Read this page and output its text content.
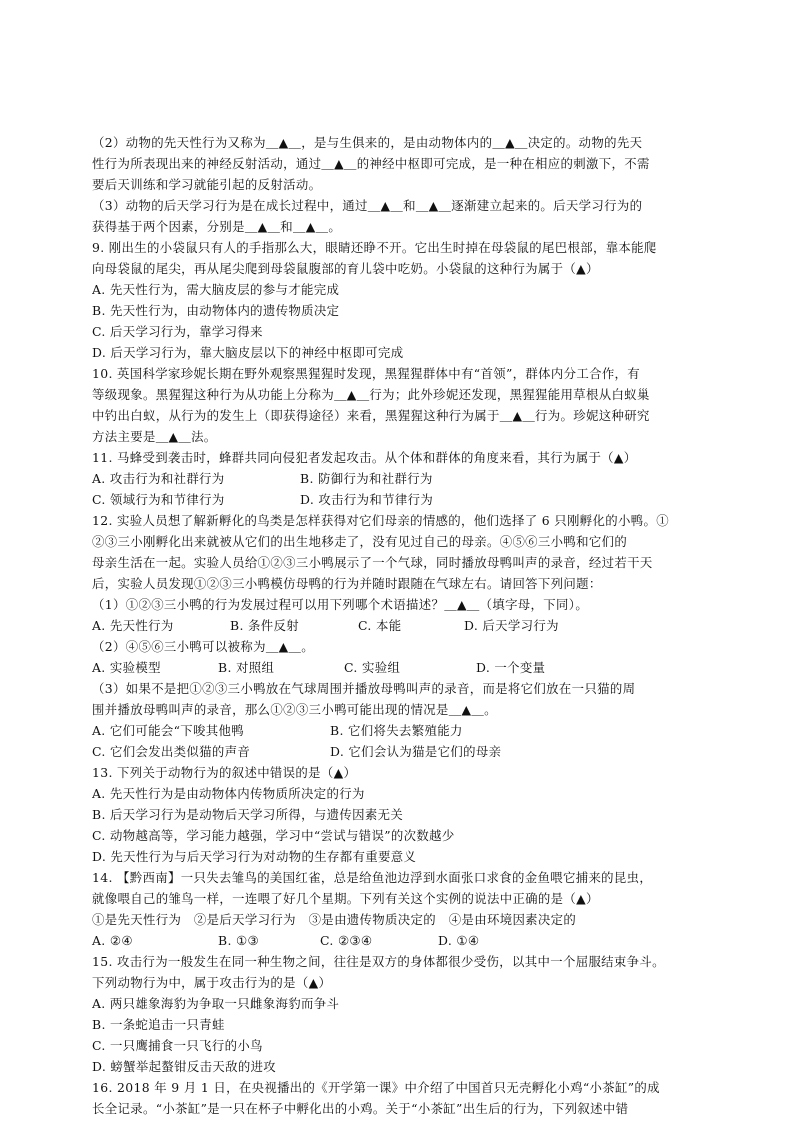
（2）动物的先天性行为又称为＿▲＿，是与生俱来的，是由动物体内的＿▲＿决定的。动物的先天
性行为所表现出来的神经反射活动，通过＿▲＿的神经中枢即可完成，是一种在相应的刺激下，不需
要后天训练和学习就能引起的反射活动。
（3）动物的后天学习行为是在成长过程中，通过＿▲＿和＿▲＿逐渐建立起来的。后天学习行为的
获得基于两个因素，分别是＿▲＿和＿▲＿。
9. 刚出生的小袋鼠只有人的手指那么大，眼睛还睁不开。它出生时掉在母袋鼠的尾巴根部，靠本能爬
向母袋鼠的尾尖，再从尾尖爬到母袋鼠腹部的育儿袋中吃奶。小袋鼠的这种行为属于（▲）
A. 先天性行为，需大脑皮层的参与才能完成
B. 先天性行为，由动物体内的遗传物质决定
C. 后天学习行为，靠学习得来
D. 后天学习行为，靠大脑皮层以下的神经中枢即可完成
10. 英国科学家珍妮长期在野外观察黑猩猩时发现，黑猩猩群体中有“首领”，群体内分工合作，有
等级现象。黑猩猩这种行为从功能上分称为＿▲＿行为；此外珍妮还发现，黑猩猩能用草根从白蚁巢
中钓出白蚁，从行为的发生上（即获得途径）来看，黑猩猩这种行为属于＿▲＿行为。珍妮这种研究
方法主要是＿▲＿法。
11. 马蜂受到袭击时，蜂群共同向侵犯者发起攻击。从个体和群体的角度来看，其行为属于（▲）
A. 攻击行为和社群行为	B. 防御行为和社群行为
C. 领域行为和节律行为	D. 攻击行为和节律行为
12. 实验人员想了解新孵化的鸟类是怎样获得对它们母亲的情感的，他们选择了 6 只刚孵化的小鸭。①
②③三小刚孵化出来就被从它们的出生地移走了，没有见过自己的母亲。④⑤⑥三小鸭和它们的
母亲生活在一起。实验人员给①②③三小鸭展示了一个气球，同时播放母鸭叫声的录音，经过若干天
后，实验人员发现①②③三小鸭模仿母鸭的行为并随时跟随在气球左右。请回答下列问题：
（1）①②③三小鸭的行为发展过程可以用下列哪个术语描述？＿▲＿（填字母，下同）。
A. 先天性行为	B. 条件反射	C. 本能	D. 后天学习行为
（2）④⑤⑥三小鸭可以被称为＿▲＿。
A. 实验模型	B. 对照组	C. 实验组	D. 一个变量
（3）如果不是把①②③三小鸭放在气球周围并播放母鸭叫声的录音，而是将它们放在一只猫的周
围并播放母鸭叫声的录音，那么①②③三小鸭可能出现的情况是＿▲＿。
A. 它们可能会“下唆其他鸭	B. 它们将失去繁殖能力
C. 它们会发出类似猫的声音	D. 它们会认为猫是它们的母亲
13. 下列关于动物行为的叙述中错误的是（▲）
A. 先天性行为是由动物体内传物质所决定的行为
B. 后天学习行为是动物后天学习所得，与遗传因素无关
C. 动物越高等，学习能力越强，学习中“尝试与错误”的次数越少
D. 先天性行为与后天学习行为对动物的生存都有重要意义
14. 【黔西南】一只失去雏鸟的美国红雀，总是给鱼池边浮到水面张口求食的金鱼喂它捕来的昆虫，
就像喂自己的雏鸟一样，一连喂了好几个星期。下列有关这个实例的说法中正确的是（▲）
①是先天性行为　②是后天学习行为　③是由遗传物质决定的　④是由环境因素决定的
A. ②④	B. ①③	C. ②③④	D. ①④
15. 攻击行为一般发生在同一种生物之间，往往是双方的身体都很少受伤，以其中一个屈服结束争斗。
下列动物行为中，属于攻击行为的是（▲）
A. 两只雄象海豹为争取一只雌象海豹而争斗
B. 一条蛇追击一只青蛙
C. 一只鹰捕食一只飞行的小鸟
D. 螃蟹举起螯钳反击天敌的进攻
16. 2018 年 9 月 1 日，在央视播出的《开学第一课》中介绍了中国首只无壳孵化小鸡“小茶缸”的成
长全记录。“小茶缸”是一只在杯子中孵化出的小鸡。关于“小茶缸”出生后的行为，下列叙述中错
